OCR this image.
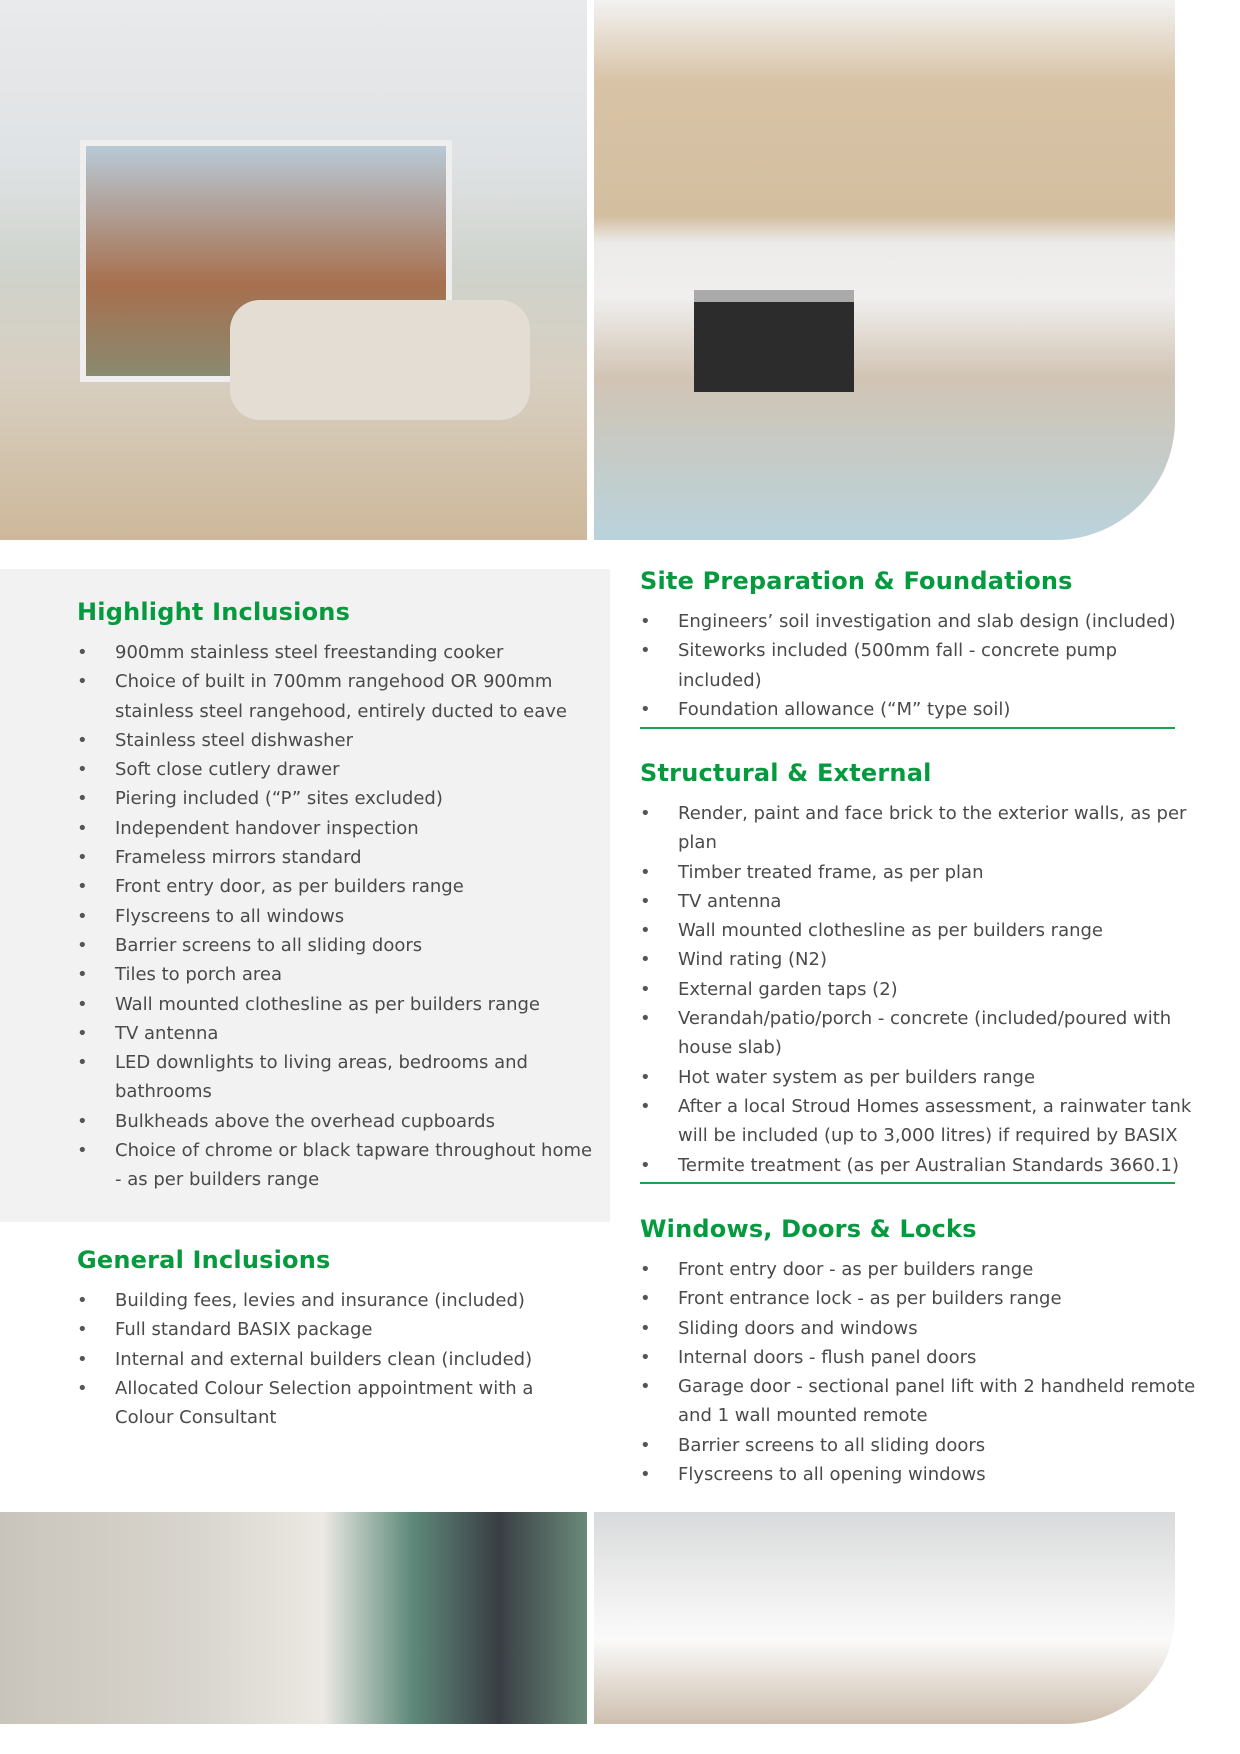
Highlight Inclusions
• 900mm stainless steel freestanding cooker
• Choice of built in 700mm rangehood OR 900mm stainless steel rangehood, entirely ducted to eave
• Stainless steel dishwasher
• Soft close cutlery drawer
• Piering included (“P” sites excluded)
• Independent handover inspection
• Frameless mirrors standard
• Front entry door, as per builders range
• Flyscreens to all windows
• Barrier screens to all sliding doors
• Tiles to porch area
• Wall mounted clothesline as per builders range
• TV antenna
• LED downlights to living areas, bedrooms and bathrooms
• Bulkheads above the overhead cupboards
• Choice of chrome or black tapware throughout home - as per builders range
General Inclusions
• Building fees, levies and insurance (included)
• Full standard BASIX package
• Internal and external builders clean (included)
• Allocated Colour Selection appointment with a Colour Consultant
Site Preparation & Foundations
• Engineers’ soil investigation and slab design (included)
• Siteworks included (500mm fall - concrete pump included)
• Foundation allowance (“M” type soil)
Structural & External
• Render, paint and face brick to the exterior walls, as per plan
• Timber treated frame, as per plan
• TV antenna
• Wall mounted clothesline as per builders range
• Wind rating (N2)
• External garden taps (2)
• Verandah/patio/porch - concrete (included/poured with house slab)
• Hot water system as per builders range
• After a local Stroud Homes assessment, a rainwater tank will be included (up to 3,000 litres) if required by BASIX
• Termite treatment (as per Australian Standards 3660.1)
Windows, Doors & Locks
• Front entry door - as per builders range
• Front entrance lock - as per builders range
• Sliding doors and windows
• Internal doors - flush panel doors
• Garage door - sectional panel lift with 2 handheld remote and 1 wall mounted remote
• Barrier screens to all sliding doors
• Flyscreens to all opening windows
